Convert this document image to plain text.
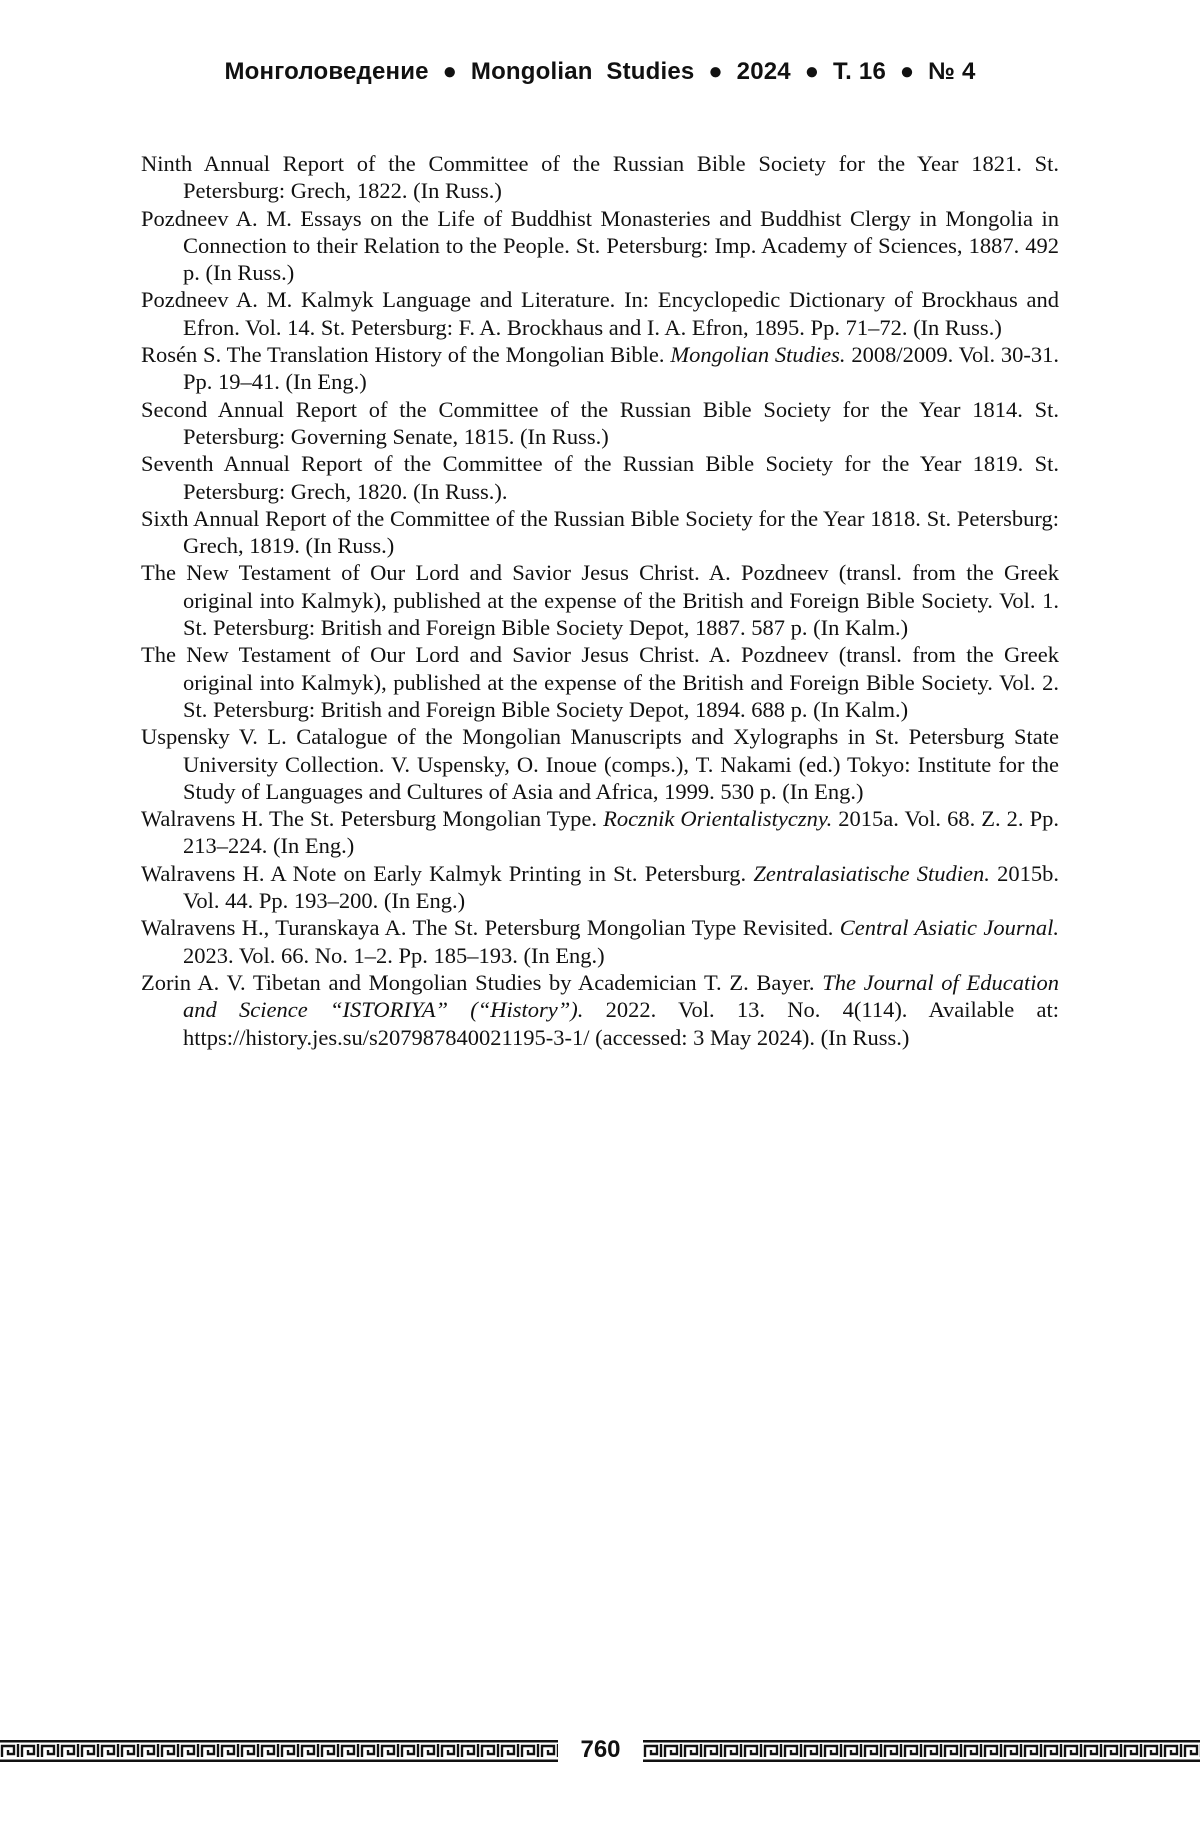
Монголоведение  ●  Mongolian  Studies  ●  2024  ●  Т. 16  ●  № 4

Ninth Annual Report of the Committee of the Russian Bible Society for the Year 1821. St. Petersburg: Grech, 1822. (In Russ.)

Pozdneev A. M. Essays on the Life of Buddhist Monasteries and Buddhist Clergy in Mongolia in Connection to their Relation to the People. St. Petersburg: Imp. Academy of Sciences, 1887. 492 p. (In Russ.)

Pozdneev A. M. Kalmyk Language and Literature. In: Encyclopedic Dictionary of Brockhaus and Efron. Vol. 14. St. Petersburg: F. A. Brockhaus and I. A. Efron, 1895. Pp. 71–72. (In Russ.)

Rosén S. The Translation History of the Mongolian Bible. Mongolian Studies. 2008/2009. Vol. 30-31. Pp. 19–41. (In Eng.)

Second Annual Report of the Committee of the Russian Bible Society for the Year 1814. St. Petersburg: Governing Senate, 1815. (In Russ.)

Seventh Annual Report of the Committee of the Russian Bible Society for the Year 1819. St. Petersburg: Grech, 1820. (In Russ.).

Sixth Annual Report of the Committee of the Russian Bible Society for the Year 1818. St. Petersburg: Grech, 1819. (In Russ.)

The New Testament of Our Lord and Savior Jesus Christ. A. Pozdneev (transl. from the Greek original into Kalmyk), published at the expense of the British and Foreign Bible Society. Vol. 1. St. Petersburg: British and Foreign Bible Society Depot, 1887. 587 p. (In Kalm.)

The New Testament of Our Lord and Savior Jesus Christ. A. Pozdneev (transl. from the Greek original into Kalmyk), published at the expense of the British and Foreign Bible Society. Vol. 2. St. Petersburg: British and Foreign Bible Society Depot, 1894. 688 p. (In Kalm.)

Uspensky V. L. Catalogue of the Mongolian Manuscripts and Xylographs in St. Petersburg State University Collection. V. Uspensky, O. Inoue (comps.), T. Nakami (ed.) Tokyo: Institute for the Study of Languages and Cultures of Asia and Africa, 1999. 530 p. (In Eng.)

Walravens H. The St. Petersburg Mongolian Type. Rocznik Orientalistyczny. 2015a. Vol. 68. Z. 2. Pp. 213–224. (In Eng.)

Walravens H. A Note on Early Kalmyk Printing in St. Petersburg. Zentralasiatische Studien. 2015b. Vol. 44. Pp. 193–200. (In Eng.)

Walravens H., Turanskaya A. The St. Petersburg Mongolian Type Revisited. Central Asiatic Journal. 2023. Vol. 66. No. 1–2. Pp. 185–193. (In Eng.)

Zorin A. V. Tibetan and Mongolian Studies by Academician T. Z. Bayer. The Journal of Education and Science “ISTORIYA” (“History”). 2022. Vol. 13. No. 4(114). Available at: https://history.jes.su/s207987840021195-3-1/ (accessed: 3 May 2024). (In Russ.)

760
